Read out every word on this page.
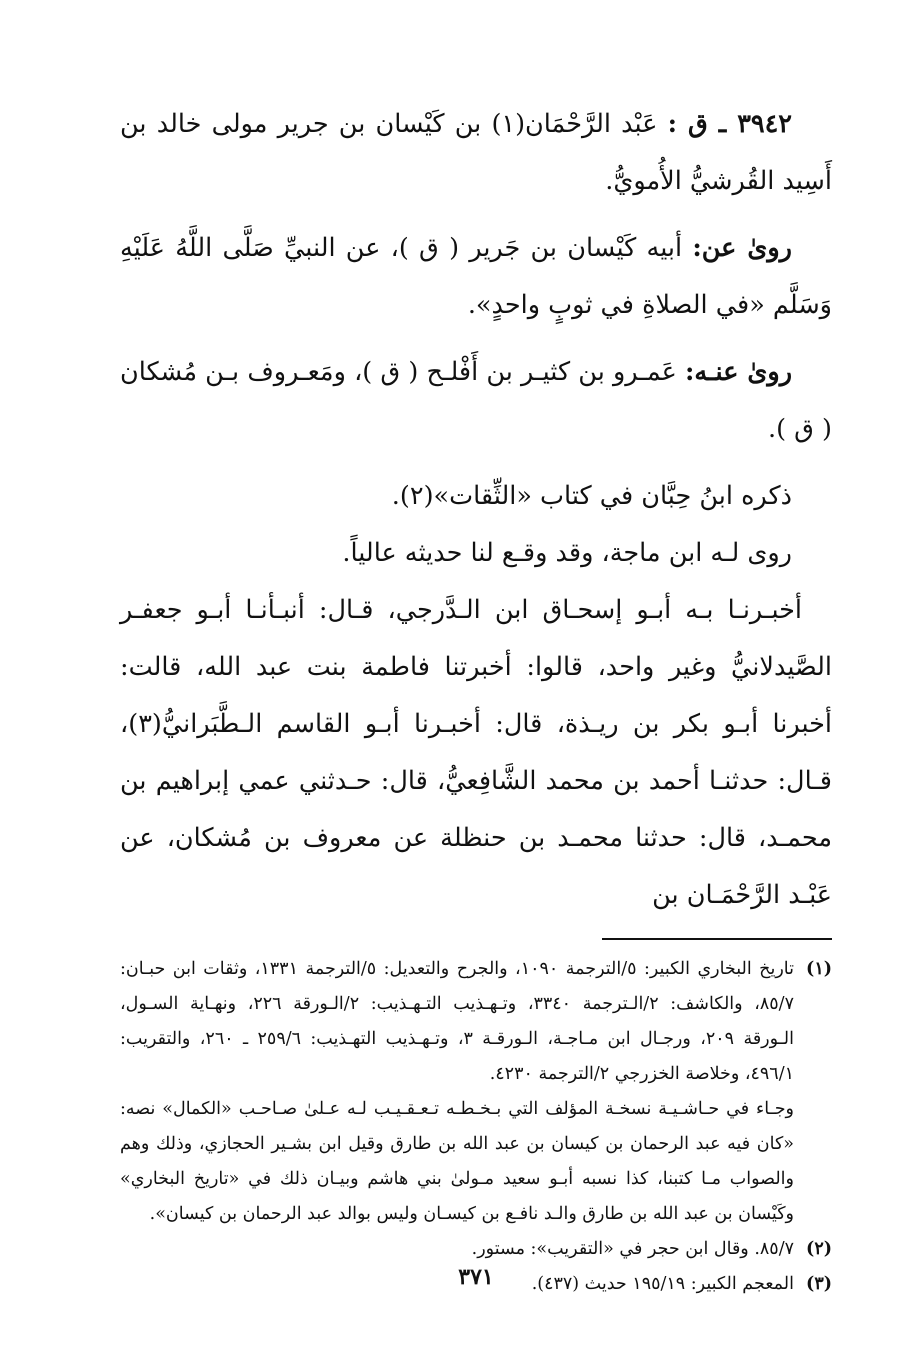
٣٩٤٢ ـ ق : عَبْد الرَّحْمَان(١) بن كَيْسان بن جرير مولى خالد بن أَسِيد القُرشيُّ الأُمويُّ.

روىٰ عن: أبيه كَيْسان بن جَرير ( ق )، عن النبيِّ صَلَّى اللَّهُ عَلَيْهِ وَسَلَّم «في الصلاةِ في ثوبٍ واحدٍ».

روىٰ عنـه: عَمـرو بن كثيـر بن أَفْلـح ( ق )، ومَعـروف بـن مُشكان ( ق ).

ذكره ابنُ حِبَّان في كتاب «الثِّقات»(٢).

روى لـه ابن ماجة، وقد وقـع لنا حديثه عالياً.

أخبـرنـا بـه أبـو إسحـاق ابن الـدَّرجي، قـال: أنبـأنـا أبـو جعفـر الصَّيدلانيُّ وغير واحد، قالوا: أخبرتنا فاطمة بنت عبد الله، قالت: أخبرنا أبـو بكر بن ريـذة، قال: أخبـرنا أبـو القاسم الـطَّبَرانيُّ(٣)، قـال: حدثنـا أحمد بن محمد الشَّافِعيُّ، قال: حـدثني عمي إبراهيم بن محمـد، قال: حدثنا محمـد بن حنظلة عن معروف بن مُشكان، عن عَبْـد الرَّحْمَـان بن

(١)

تاريخ البخاري الكبير: ٥/الترجمة ١٠٩٠، والجرح والتعديل: ٥/الترجمة ١٣٣١، وثقات ابن حبـان: ٨٥/٧، والكاشف: ٢/الـترجمة ٣٣٤٠، وتـهـذيب التـهـذيب: ٢/الـورقة ٢٢٦، ونهـاية السـول، الـورقة ٢٠٩، ورجـال ابن مـاجـة، الـورقـة ٣، وتـهـذيب التهـذيب: ٢٥٩/٦ ـ ٢٦٠، والتقريب: ٤٩٦/١، وخلاصة الخزرجي ٢/الترجمة ٤٢٣٠.

وجـاء في حـاشـيـة نسخـة المؤلف التي بـخـطـه تـعـقـيـب لـه عـلىٰ صـاحـب «الكمال» نصه: «كان فيه عبد الرحمان بن كيسان بن عبد الله بن طارق وقيل ابن بشـير الحجازي، وذلك وهم والصواب مـا كتبنا، كذا نسبه أبـو سعيد مـولىٰ بني هاشم وبيـان ذلك في «تاريخ البخاري» وكَيْسان بن عبد الله بن طارق والـد نافـع بن كيسـان وليس بوالد عبد الرحمان بن كيسان».

(٢)

٨٥/٧. وقال ابن حجر في «التقريب»: مستور.

(٣)

المعجم الكبير: ١٩٥/١٩ حديث (٤٣٧).

٣٧١
